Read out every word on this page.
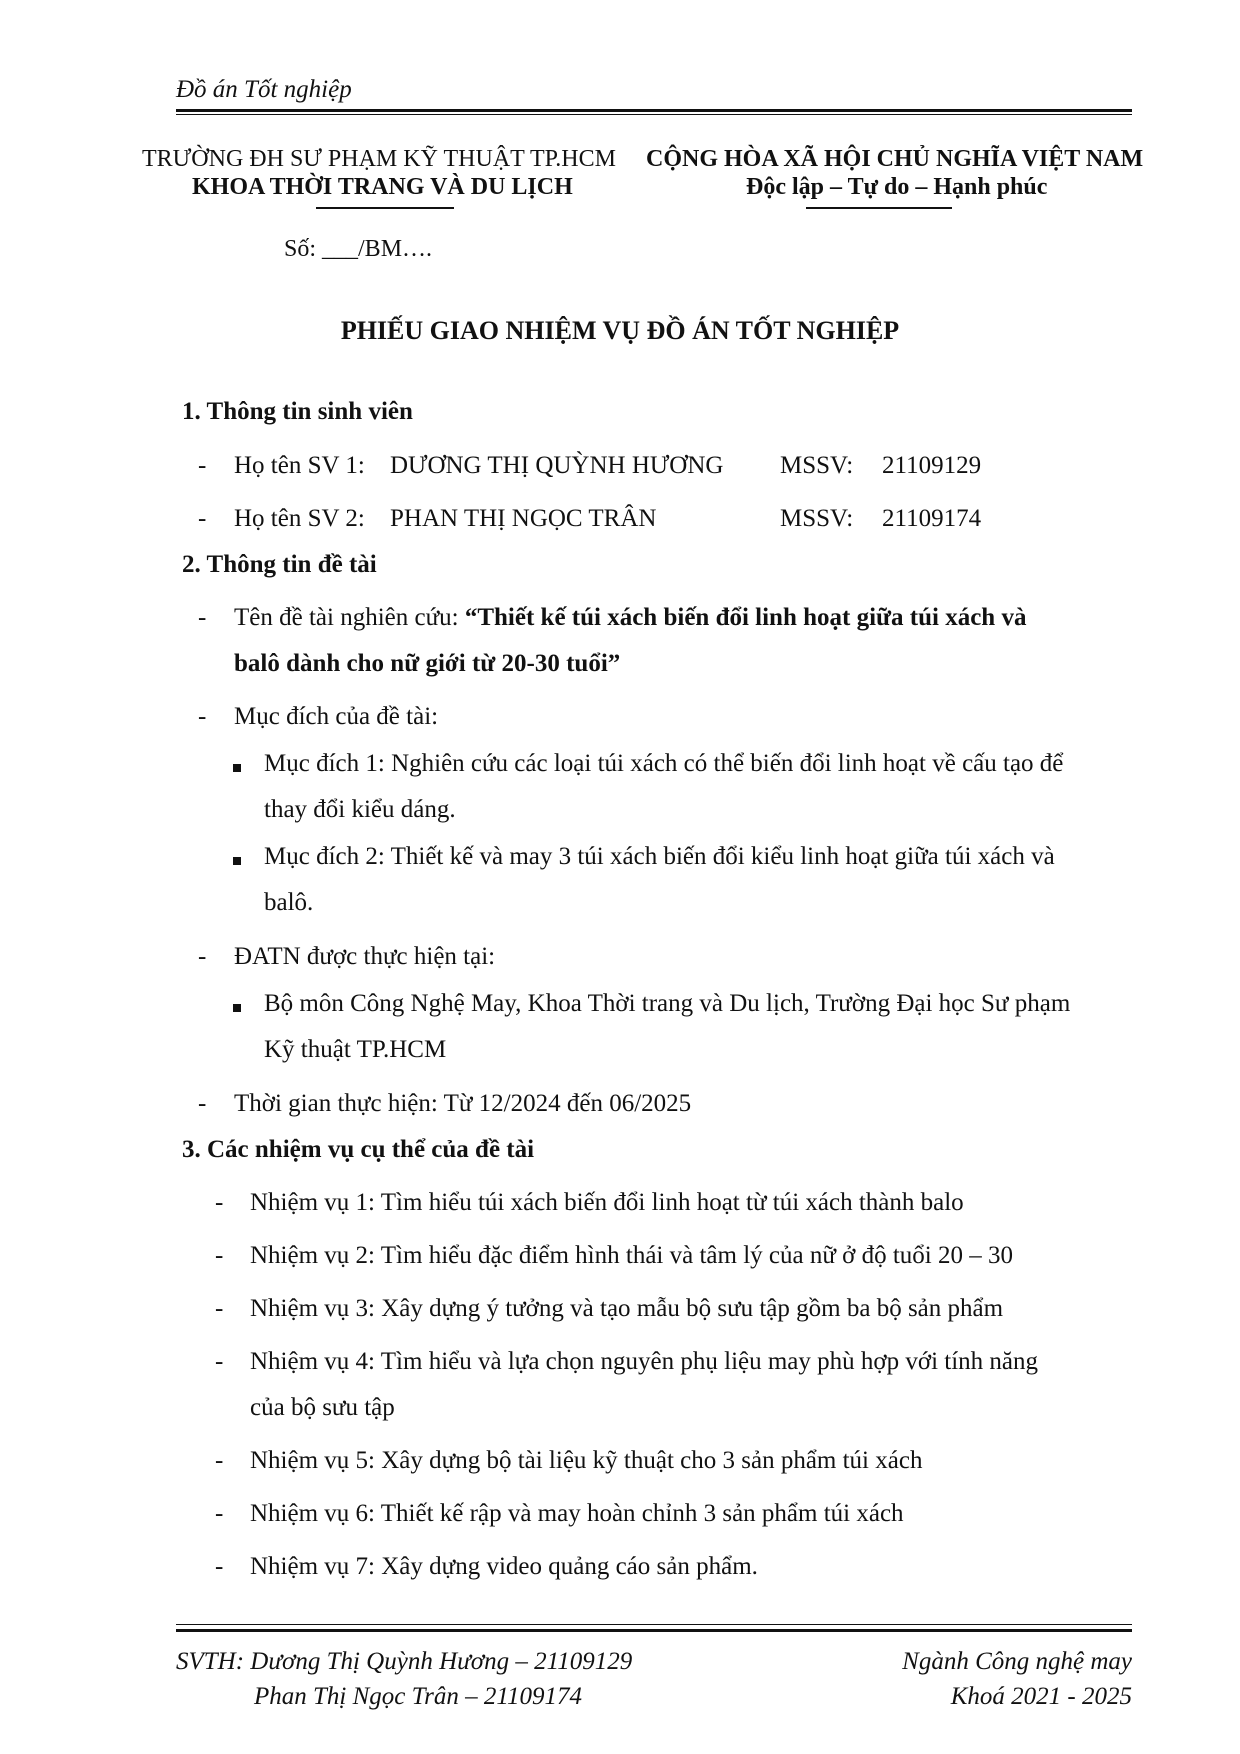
Đồ án Tốt nghiệp
TRƯỜNG ĐH SƯ PHẠM KỸ THUẬT TP.HCM CỘNG HÒA XÃ HỘI CHỦ NGHĨA VIỆT NAM
KHOA THỜI TRANG VÀ DU LỊCH	Độc lập – Tự do – Hạnh phúc
Số: ___/BM….
PHIẾU GIAO NHIỆM VỤ ĐỒ ÁN TỐT NGHIỆP
1. Thông tin sinh viên
- Họ tên SV 1: DƯƠNG THỊ QUỲNH HƯƠNG MSSV: 21109129
- Họ tên SV 2: PHAN THỊ NGỌC TRÂN	MSSV: 21109174
2. Thông tin đề tài
- Tên đề tài nghiên cứu: “Thiết kế túi xách biến đổi linh hoạt giữa túi xách và
balô dành cho nữ giới từ 20-30 tuổi”
- Mục đích của đề tài:
Mục đích 1: Nghiên cứu các loại túi xách có thể biến đổi linh hoạt về cấu tạo để
thay đổi kiểu dáng.
Mục đích 2: Thiết kế và may 3 túi xách biến đổi kiểu linh hoạt giữa túi xách và
balô.
- ĐATN được thực hiện tại:
Bộ môn Công Nghệ May, Khoa Thời trang và Du lịch, Trường Đại học Sư phạm
Kỹ thuật TP.HCM
- Thời gian thực hiện: Từ 12/2024 đến 06/2025
3. Các nhiệm vụ cụ thể của đề tài
- Nhiệm vụ 1: Tìm hiểu túi xách biến đổi linh hoạt từ túi xách thành balo
- Nhiệm vụ 2: Tìm hiểu đặc điểm hình thái và tâm lý của nữ ở độ tuổi 20 – 30
- Nhiệm vụ 3: Xây dựng ý tưởng và tạo mẫu bộ sưu tập gồm ba bộ sản phẩm
- Nhiệm vụ 4: Tìm hiểu và lựa chọn nguyên phụ liệu may phù hợp với tính năng
của bộ sưu tập
- Nhiệm vụ 5: Xây dựng bộ tài liệu kỹ thuật cho 3 sản phẩm túi xách
- Nhiệm vụ 6: Thiết kế rập và may hoàn chỉnh 3 sản phẩm túi xách
- Nhiệm vụ 7: Xây dựng video quảng cáo sản phẩm.
SVTH: Dương Thị Quỳnh Hương – 21109129
Phan Thị Ngọc Trân – 21109174
Ngành Công nghệ may
Khoá 2021 - 2025
